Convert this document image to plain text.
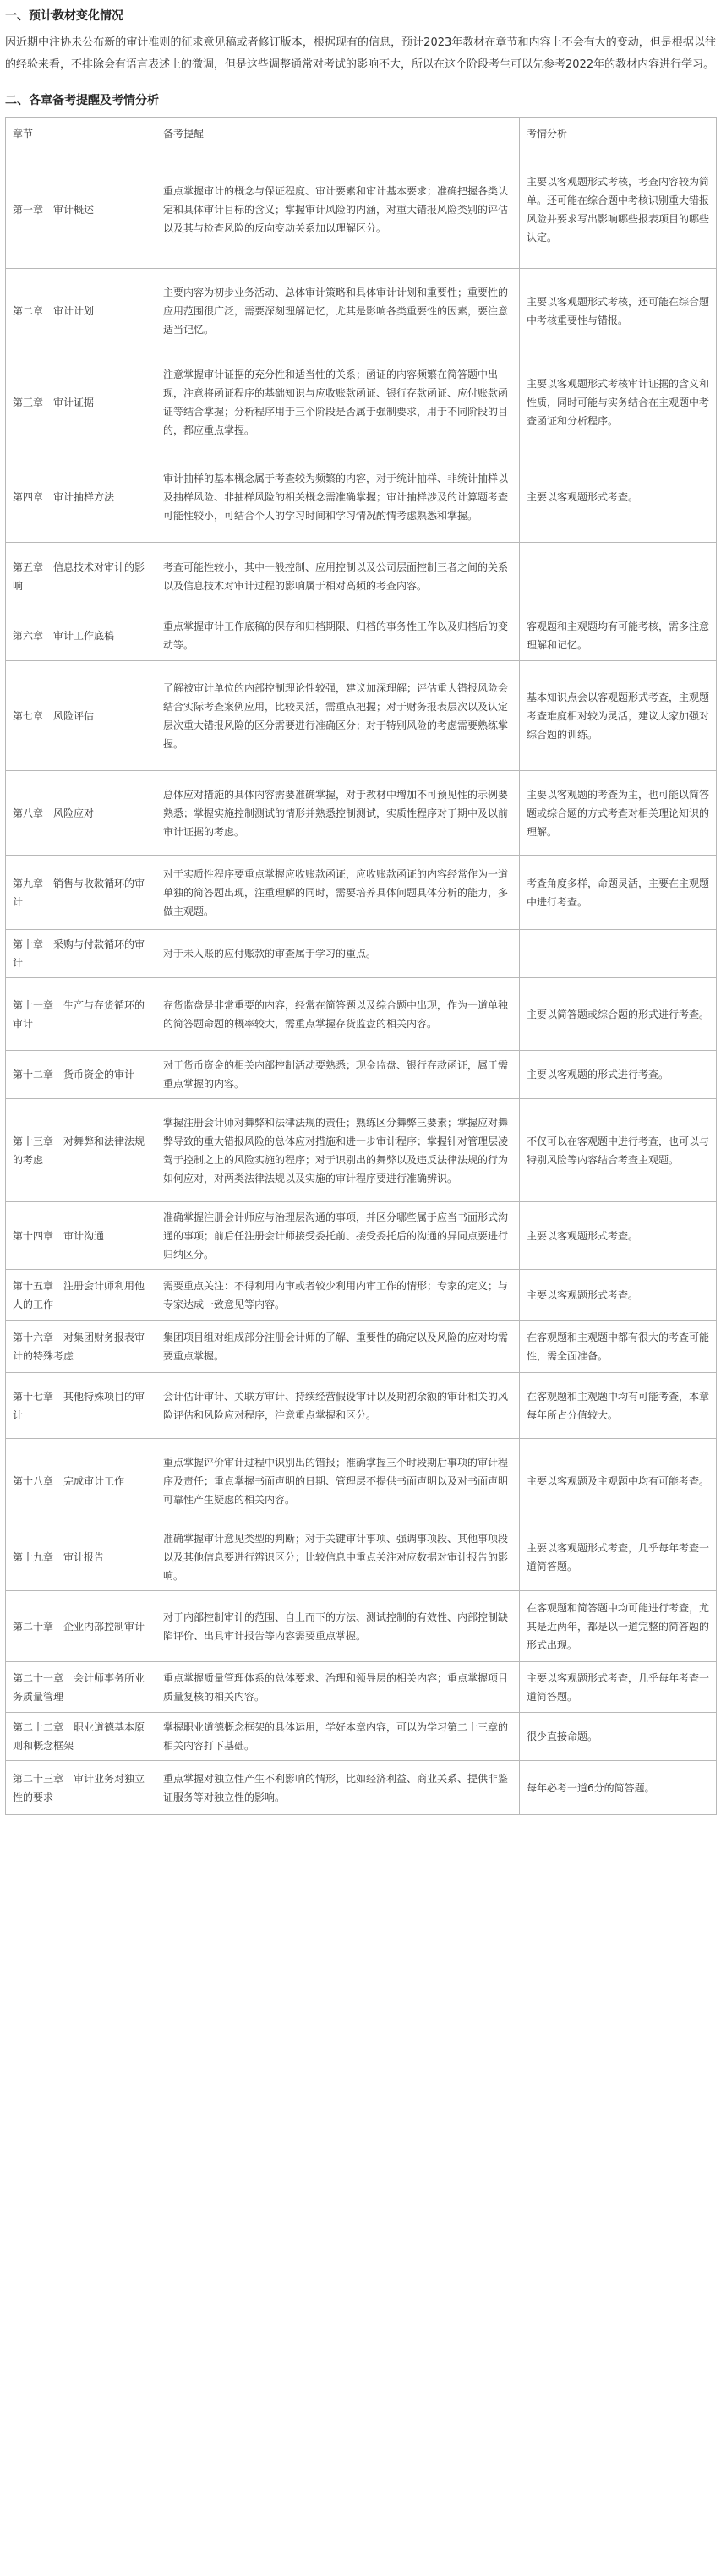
一、预计教材变化情况

因近期中注协未公布新的审计准则的征求意见稿或者修订版本，根据现有的信息，预计2023年教材在章节和内容上不会有大的变动，但是根据以往的经验来看，不排除会有语言表述上的微调，但是这些调整通常对考试的影响不大，所以在这个阶段考生可以先参考2022年的教材内容进行学习。

二、各章备考提醒及考情分析
章节	备考提醒	考情分析
第一章　审计概述	重点掌握审计的概念与保证程度、审计要素和审计基本要求；准确把握各类认定和具体审计目标的含义；掌握审计风险的内涵，对重大错报风险类别的评估以及其与检查风险的反向变动关系加以理解区分。	主要以客观题形式考核，考查内容较为简单。还可能在综合题中考核识别重大错报风险并要求写出影响哪些报表项目的哪些认定。
第二章　审计计划	主要内容为初步业务活动、总体审计策略和具体审计计划和重要性；重要性的应用范围很广泛，需要深刻理解记忆，尤其是影响各类重要性的因素，要注意适当记忆。	主要以客观题形式考核，还可能在综合题中考核重要性与错报。
第三章　审计证据	注意掌握审计证据的充分性和适当性的关系；函证的内容频繁在简答题中出现，注意将函证程序的基础知识与应收账款函证、银行存款函证、应付账款函证等结合掌握；分析程序用于三个阶段是否属于强制要求，用于不同阶段的目的，都应重点掌握。	主要以客观题形式考核审计证据的含义和性质，同时可能与实务结合在主观题中考查函证和分析程序。
第四章　审计抽样方法	审计抽样的基本概念属于考查较为频繁的内容，对于统计抽样、非统计抽样以及抽样风险、非抽样风险的相关概念需准确掌握；审计抽样涉及的计算题考查可能性较小，可结合个人的学习时间和学习情况酌情考虑熟悉和掌握。	主要以客观题形式考查。
第五章　信息技术对审计的影响	考查可能性较小，其中一般控制、应用控制以及公司层面控制三者之间的关系以及信息技术对审计过程的影响属于相对高频的考查内容。	
第六章　审计工作底稿	重点掌握审计工作底稿的保存和归档期限、归档的事务性工作以及归档后的变动等。	客观题和主观题均有可能考核，需多注意理解和记忆。
第七章　风险评估	了解被审计单位的内部控制理论性较强，建议加深理解；评估重大错报风险会结合实际考查案例应用，比较灵活，需重点把握；对于财务报表层次以及认定层次重大错报风险的区分需要进行准确区分；对于特别风险的考虑需要熟练掌握。	基本知识点会以客观题形式考查，主观题考查难度相对较为灵活，建议大家加强对综合题的训练。
第八章　风险应对	总体应对措施的具体内容需要准确掌握，对于教材中增加不可预见性的示例要熟悉；掌握实施控制测试的情形并熟悉控制测试，实质性程序对于期中及以前审计证据的考虑。	主要以客观题的考查为主，也可能以简答题或综合题的方式考查对相关理论知识的理解。
第九章　销售与收款循环的审计	对于实质性程序要重点掌握应收账款函证，应收账款函证的内容经常作为一道单独的简答题出现，注重理解的同时，需要培养具体问题具体分析的能力，多做主观题。	考查角度多样，命题灵活，主要在主观题中进行考查。
第十章　采购与付款循环的审计	对于未入账的应付账款的审查属于学习的重点。	
第十一章　生产与存货循环的审计	存货监盘是非常重要的内容，经常在简答题以及综合题中出现，作为一道单独的简答题命题的概率较大，需重点掌握存货监盘的相关内容。	主要以简答题或综合题的形式进行考查。
第十二章　货币资金的审计	对于货币资金的相关内部控制活动要熟悉；现金监盘、银行存款函证，属于需重点掌握的内容。	主要以客观题的形式进行考查。
第十三章　对舞弊和法律法规的考虑	掌握注册会计师对舞弊和法律法规的责任；熟练区分舞弊三要素；掌握应对舞弊导致的重大错报风险的总体应对措施和进一步审计程序；掌握针对管理层凌驾于控制之上的风险实施的程序；对于识别出的舞弊以及违反法律法规的行为如何应对，对两类法律法规以及实施的审计程序要进行准确辨识。	不仅可以在客观题中进行考查，也可以与特别风险等内容结合考查主观题。
第十四章　审计沟通	准确掌握注册会计师应与治理层沟通的事项，并区分哪些属于应当书面形式沟通的事项；前后任注册会计师接受委托前、接受委托后的沟通的异同点要进行归纳区分。	主要以客观题形式考查。
第十五章　注册会计师利用他人的工作	需要重点关注：不得利用内审或者较少利用内审工作的情形；专家的定义；与专家达成一致意见等内容。	主要以客观题形式考查。
第十六章　对集团财务报表审计的特殊考虑	集团项目组对组成部分注册会计师的了解、重要性的确定以及风险的应对均需要重点掌握。	在客观题和主观题中都有很大的考查可能性，需全面准备。
第十七章　其他特殊项目的审计	会计估计审计、关联方审计、持续经营假设审计以及期初余额的审计相关的风险评估和风险应对程序，注意重点掌握和区分。	在客观题和主观题中均有可能考查，本章每年所占分值较大。
第十八章　完成审计工作	重点掌握评价审计过程中识别出的错报；准确掌握三个时段期后事项的审计程序及责任；重点掌握书面声明的日期、管理层不提供书面声明以及对书面声明可靠性产生疑虑的相关内容。	主要以客观题及主观题中均有可能考查。
第十九章　审计报告	准确掌握审计意见类型的判断；对于关键审计事项、强调事项段、其他事项段以及其他信息要进行辨识区分；比较信息中重点关注对应数据对审计报告的影响。	主要以客观题形式考查，几乎每年考查一道简答题。
第二十章　企业内部控制审计	对于内部控制审计的范围、自上而下的方法、测试控制的有效性、内部控制缺陷评价、出具审计报告等内容需要重点掌握。	在客观题和简答题中均可能进行考查，尤其是近两年，都是以一道完整的简答题的形式出现。
第二十一章　会计师事务所业务质量管理	重点掌握质量管理体系的总体要求、治理和领导层的相关内容；重点掌握项目质量复核的相关内容。	主要以客观题形式考查，几乎每年考查一道简答题。
第二十二章　职业道德基本原则和概念框架	掌握职业道德概念框架的具体运用，学好本章内容，可以为学习第二十三章的相关内容打下基础。	很少直接命题。
第二十三章　审计业务对独立性的要求	重点掌握对独立性产生不利影响的情形，比如经济利益、商业关系、提供非鉴证服务等对独立性的影响。	每年必考一道6分的简答题。
